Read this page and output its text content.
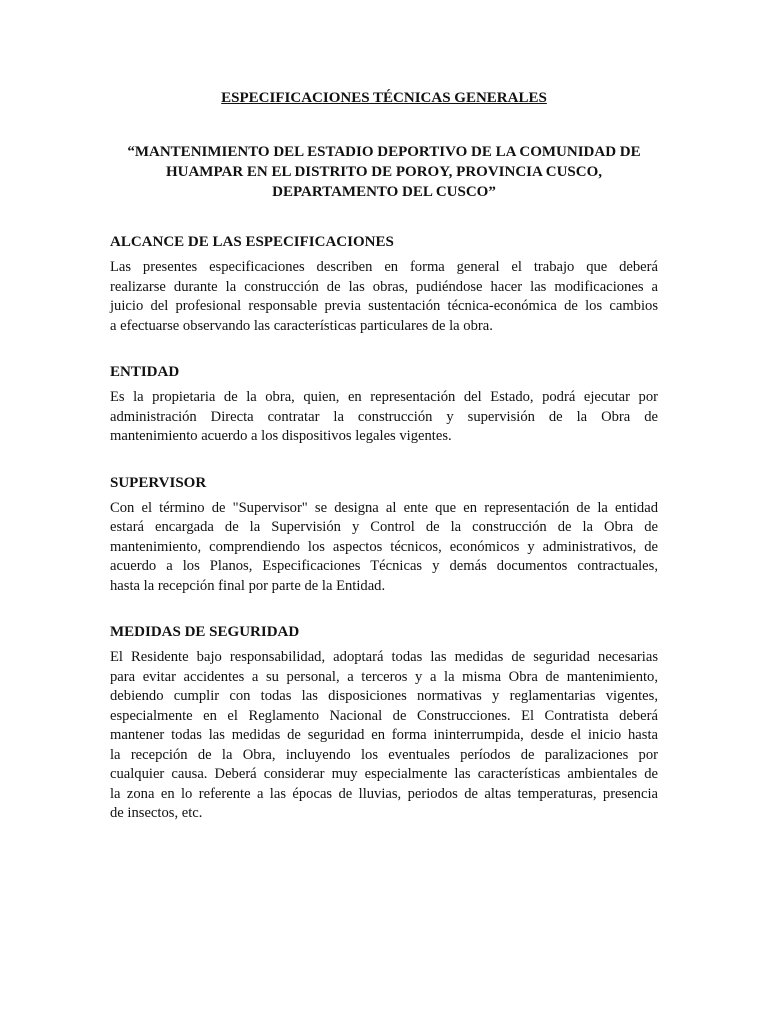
ESPECIFICACIONES TÉCNICAS GENERALES
“MANTENIMIENTO DEL ESTADIO DEPORTIVO DE LA COMUNIDAD DE
HUAMPAR EN EL DISTRITO DE POROY, PROVINCIA CUSCO,
DEPARTAMENTO DEL CUSCO”
ALCANCE DE LAS ESPECIFICACIONES

Las presentes especificaciones describen en forma general el trabajo que deberá
realizarse durante la construcción de las obras, pudiéndose hacer las modificaciones a
juicio del profesional responsable previa sustentación técnica-económica de los cambios
a efectuarse observando las características particulares de la obra.

ENTIDAD

Es la propietaria de la obra, quien, en representación del Estado, podrá ejecutar por
administración Directa contratar la construcción y supervisión de la Obra de
mantenimiento acuerdo a los dispositivos legales vigentes.

SUPERVISOR

Con el término de "Supervisor" se designa al ente que en representación de la entidad
estará encargada de la Supervisión y Control de la construcción de la Obra de
mantenimiento, comprendiendo los aspectos técnicos, económicos y administrativos, de
acuerdo a los Planos, Especificaciones Técnicas y demás documentos contractuales,
hasta la recepción final por parte de la Entidad.

MEDIDAS DE SEGURIDAD

El Residente bajo responsabilidad, adoptará todas las medidas de seguridad necesarias
para evitar accidentes a su personal, a terceros y a la misma Obra de mantenimiento,
debiendo cumplir con todas las disposiciones normativas y reglamentarias vigentes,
especialmente en el Reglamento Nacional de Construcciones. El Contratista deberá
mantener todas las medidas de seguridad en forma ininterrumpida, desde el inicio hasta
la recepción de la Obra, incluyendo los eventuales períodos de paralizaciones por
cualquier causa. Deberá considerar muy especialmente las características ambientales de
la zona en lo referente a las épocas de lluvias, periodos de altas temperaturas, presencia
de insectos, etc.
